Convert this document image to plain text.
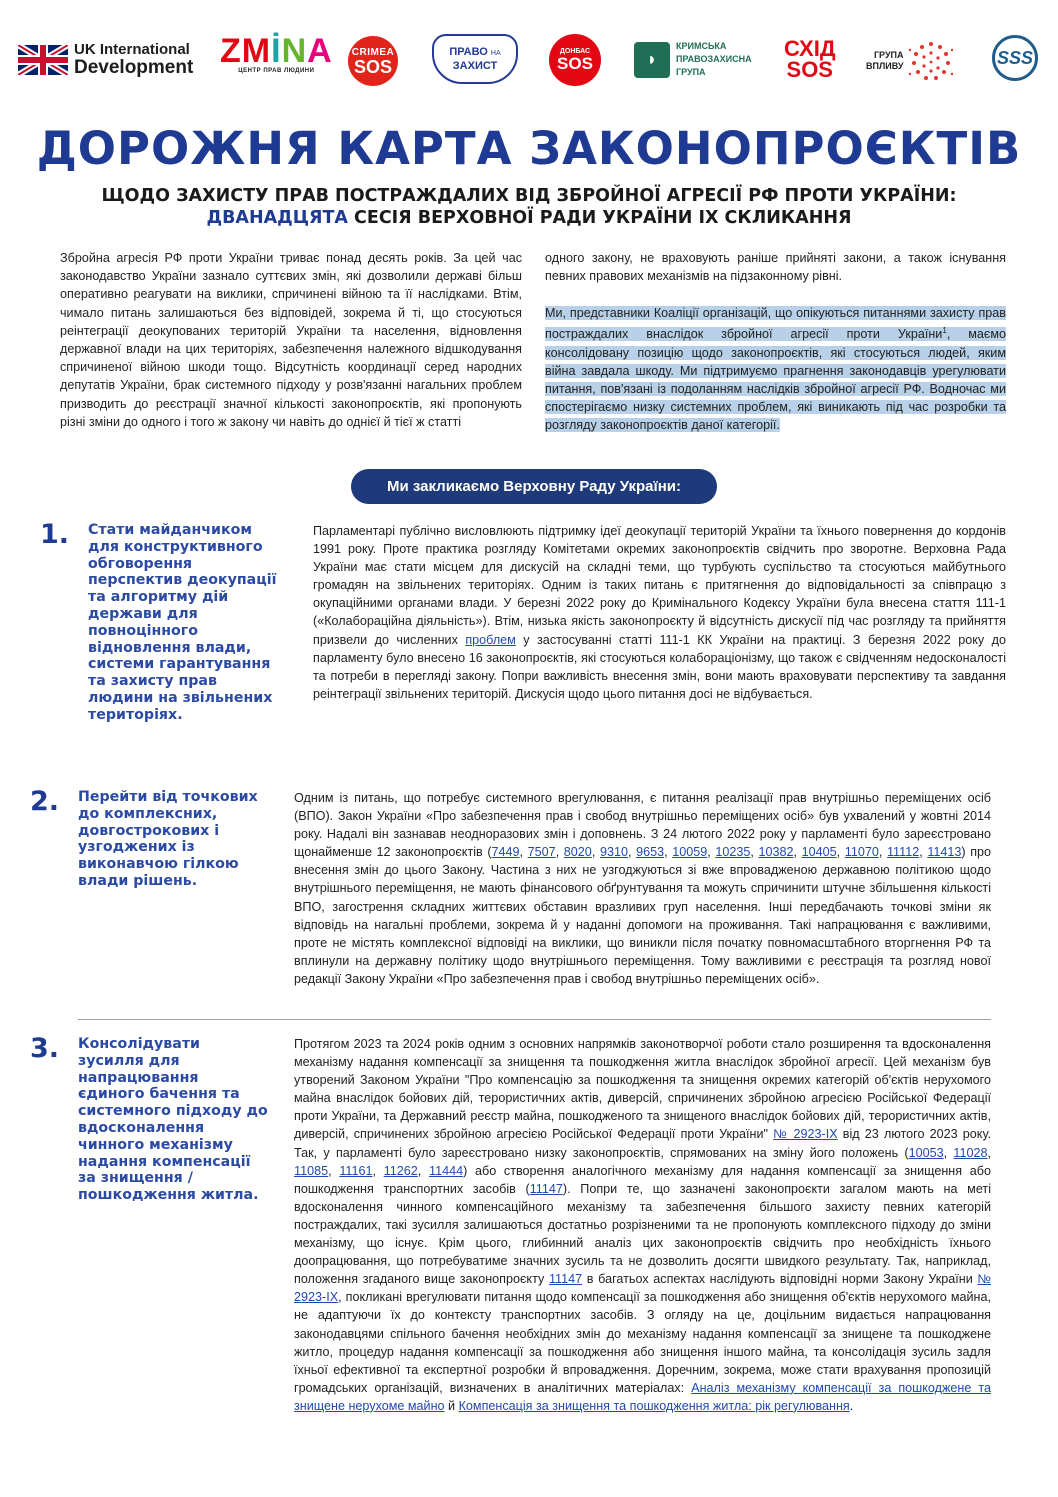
UK International
Development ZMİNA
ЦЕНТР ПРАВ ЛЮДИНИ
CRIMEA
SOS
ПРАВО НА
ЗАХИСТ
ДОНБАС
SOS	◗
КРИМСЬКА
ПРАВОЗАХИСНА
ГРУПА
СХІД
SOS
ГРУПА
ВПЛИВУ	SSS
ДОРОЖНЯ КАРТА ЗАКОНОПРОЄКТІВ
ЩОДО ЗАХИСТУ ПРАВ ПОСТРАЖДАЛИХ ВІД ЗБРОЙНОЇ АГРЕСІЇ РФ ПРОТИ УКРАЇНИ:
ДВАНАДЦЯТА СЕСІЯ ВЕРХОВНОЇ РАДИ УКРАЇНИ IX СКЛИКАННЯ
Збройна агресія РФ проти України триває понад десять років. За цей час законодавство України зазнало суттєвих змін, які дозволили державі більш оперативно реагувати на виклики, спричинені війною та її наслідками. Втім, чимало питань залишаються без відповідей, зокрема й ті, що стосуються реінтеграції деокупованих територій України та населення, відновлення державної влади на цих територіях, забезпечення належного відшкодування спричиненої війною шкоди тощо. Відсутність координації серед народних депутатів України, брак системного підходу у розв'язанні нагальних проблем призводить до реєстрації значної кількості законопроєктів, які пропонують різні зміни до одного і того ж закону чи навіть до однієї й тієї ж статті
одного закону, не враховують раніше прийняті закони, а також існування певних правових механізмів на підзаконному рівні.
Ми, представники Коаліції організацій, що опікуються питаннями захисту прав постраждалих внаслідок збройної агресії проти України$^1$, маємо консолідовану позицію щодо законопроєктів, які стосуються людей, яким війна завдала шкоду. Ми підтримуємо прагнення законодавців урегулювати питання, пов'язані із подоланням наслідків збройної агресії РФ. Водночас ми спостерігаємо низку системних проблем, які виникають під час розробки та розгляду законопроєктів даної категорії.
Ми закликаємо Верховну Раду України:
1. Стати майданчиком для конструктивного обговорення перспектив деокупації та алгоритму дій держави для повноцінного відновлення влади, системи гарантування та захисту прав людини на звільнених територіях.
Парламентарі публічно висловлюють підтримку ідеї деокупації територій України та їхнього повернення до кордонів 1991 року. Проте практика розгляду Комітетами окремих законопроєктів свідчить про зворотне. Верховна Рада України має стати місцем для дискусій на складні теми, що турбують суспільство та стосуються майбутнього громадян на звільнених територіях. Одним із таких питань є притягнення до відповідальності за співпрацю з окупаційними органами влади. У березні 2022 року до Кримінального Кодексу України була внесена стаття 111-1 («Колабораційна діяльність»). Втім, низька якість законопроєкту й відсутність дискусії під час розгляду та прийняття призвели до численних проблем у застосуванні статті 111-1 КК України на практиці. З березня 2022 року до парламенту було внесено 16 законопроєктів, які стосуються колабораціонізму, що також є свідченням недосконалості та потреби в перегляді закону. Попри важливість внесення змін, вони мають враховувати перспективу та завдання реінтеграції звільнених територій. Дискусія щодо цього питання досі не відбувається.
2. Перейти від точкових до комплексних, довгострокових і узгоджених із виконавчою гілкою влади рішень.
Одним із питань, що потребує системного врегулювання, є питання реалізації прав внутрішньо переміщених осіб (ВПО). Закон України «Про забезпечення прав і свобод внутрішньо переміщених осіб» був ухвалений у жовтні 2014 року. Надалі він зазнавав неодноразових змін і доповнень. З 24 лютого 2022 року у парламенті було зареєстровано щонайменше 12 законопроєктів (7449, 7507, 8020, 9310, 9653, 10059, 10235, 10382, 10405, 11070, 11112, 11413) про внесення змін до цього Закону. Частина з них не узгоджуються зі вже впровадженою державною політикою щодо внутрішнього переміщення, не мають фінансового обґрунтування та можуть спричинити штучне збільшення кількості ВПО, загострення складних життєвих обставин вразливих груп населення. Інші передбачають точкові зміни як відповідь на нагальні проблеми, зокрема й у наданні допомоги на проживання. Такі напрацювання є важливими, проте не містять комплексної відповіді на виклики, що виникли після початку повномасштабного вторгнення РФ та вплинули на державну політику щодо внутрішнього переміщення. Тому важливими є реєстрація та розгляд нової редакції Закону України «Про забезпечення прав і свобод внутрішньо переміщених осіб».
3. Консолідувати зусилля для напрацювання єдиного бачення та системного підходу до вдосконалення чинного механізму надання компенсації за знищення / пошкодження житла.
Протягом 2023 та 2024 років одним з основних напрямків законотворчої роботи стало розширення та вдосконалення механізму надання компенсації за знищення та пошкодження житла внаслідок збройної агресії. Цей механізм був утворений Законом України "Про компенсацію за пошкодження та знищення окремих категорій об'єктів нерухомого майна внаслідок бойових дій, терористичних актів, диверсій, спричинених збройною агресією Російської Федерації проти України, та Державний реєстр майна, пошкодженого та знищеного внаслідок бойових дій, терористичних актів, диверсій, спричинених збройною агресією Російської Федерації проти України" № 2923-IX від 23 лютого 2023 року. Так, у парламенті було зареєстровано низку законопроєктів, спрямованих на зміну його положень (10053, 11028, 11085, 11161, 11262, 11444) або створення аналогічного механізму для надання компенсації за знищення або пошкодження транспортних засобів (11147). Попри те, що зазначені законопроєкти загалом мають на меті вдосконалення чинного компенсаційного механізму та забезпечення більшого захисту певних категорій постраждалих, такі зусилля залишаються достатньо розрізненими та не пропонують комплексного підходу до зміни механізму, що існує. Крім цього, глибинний аналіз цих законопроєктів свідчить про необхідність їхнього доопрацювання, що потребуватиме значних зусиль та не дозволить досягти швидкого результату. Так, наприклад, положення згаданого вище законопроєкту 11147 в багатьох аспектах наслідують відповідні норми Закону України № 2923-IX, покликані врегулювати питання щодо компенсації за пошкодження або знищення об'єктів нерухомого майна, не адаптуючи їх до контексту транспортних засобів. З огляду на це, доцільним видається напрацювання законодавцями спільного бачення необхідних змін до механізму надання компенсації за знищене та пошкоджене житло, процедур надання компенсації за пошкодження або знищення іншого майна, та консолідація зусиль задля їхньої ефективної та експертної розробки й впровадження. Доречним, зокрема, може стати врахування пропозицій громадських організацій, визначених в аналітичних матеріалах: Аналіз механізму компенсації за пошкоджене та знищене нерухоме майно й Компенсація за знищення та пошкодження житла: рік регулювання.
